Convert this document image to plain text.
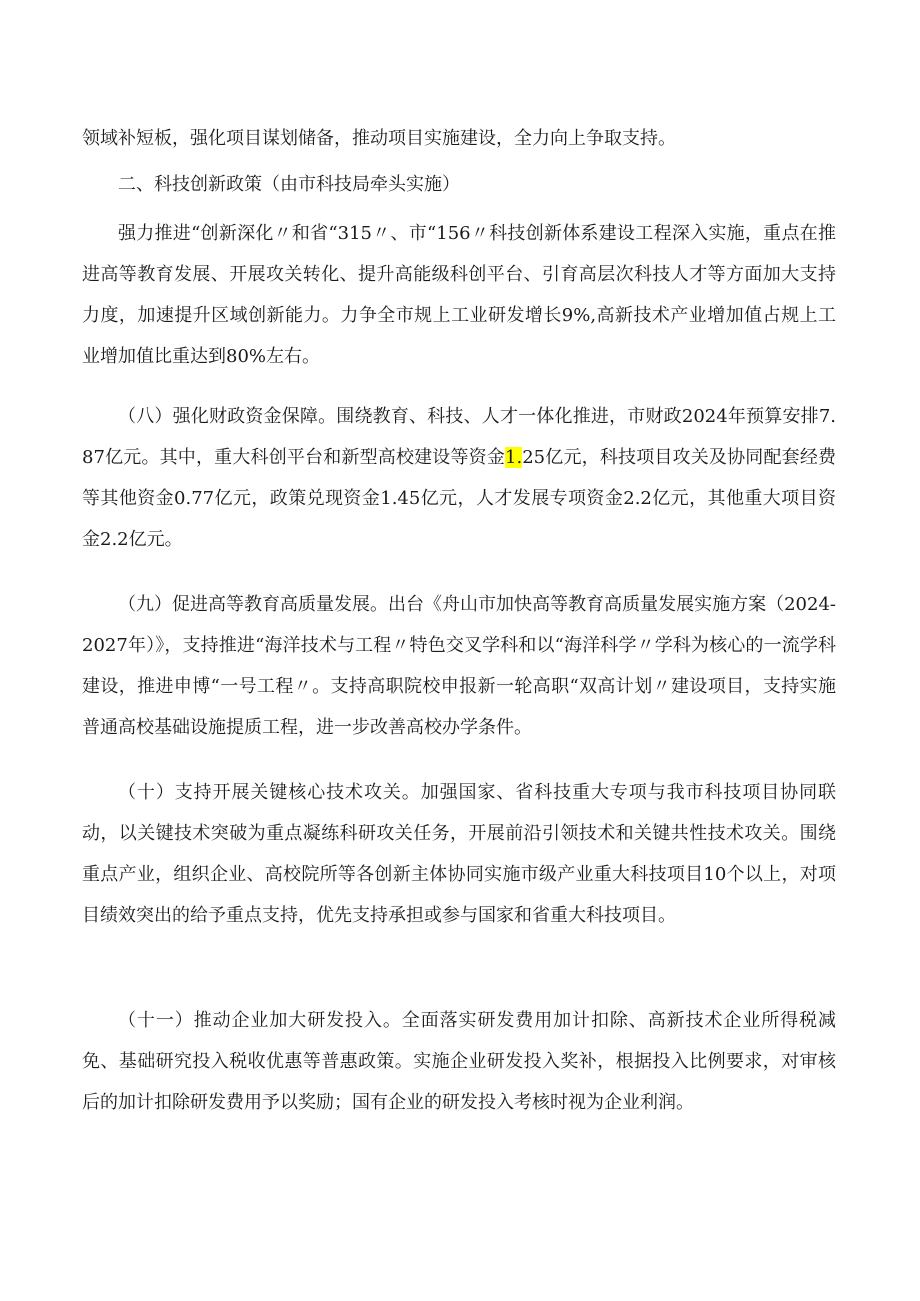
领域补短板，强化项目谋划储备，推动项目实施建设，全力向上争取支持。

二、科技创新政策（由市科技局牵头实施）

强力推进“创新深化〃和省“315〃、市“156〃科技创新体系建设工程深入实施，重点在推进高等教育发展、开展攻关转化、提升高能级科创平台、引育高层次科技人才等方面加大支持力度，加速提升区域创新能力。力争全市规上工业研发增长9%,高新技术产业增加值占规上工业增加值比重达到80%左右。

（八）强化财政资金保障。围绕教育、科技、人才一体化推进，市财政2024年预算安排7.87亿元。其中，重大科创平台和新型高校建设等资金1.25亿元，科技项目攻关及协同配套经费等其他资金0.77亿元，政策兑现资金1.45亿元，人才发展专项资金2.2亿元，其他重大项目资金2.2亿元。

（九）促进高等教育高质量发展。出台《舟山市加快高等教育高质量发展实施方案（2024-2027年）》，支持推进“海洋技术与工程〃特色交叉学科和以“海洋科学〃学科为核心的一流学科建设，推进申博“一号工程〃。支持高职院校申报新一轮高职“双高计划〃建设项目，支持实施普通高校基础设施提质工程，进一步改善高校办学条件。

（十）支持开展关键核心技术攻关。加强国家、省科技重大专项与我市科技项目协同联动，以关键技术突破为重点凝练科研攻关任务，开展前沿引领技术和关键共性技术攻关。围绕重点产业，组织企业、高校院所等各创新主体协同实施市级产业重大科技项目10个以上，对项目绩效突出的给予重点支持，优先支持承担或参与国家和省重大科技项目。

（十一）推动企业加大研发投入。全面落实研发费用加计扣除、高新技术企业所得税减免、基础研究投入税收优惠等普惠政策。实施企业研发投入奖补，根据投入比例要求，对审核后的加计扣除研发费用予以奖励；国有企业的研发投入考核时视为企业利润。
